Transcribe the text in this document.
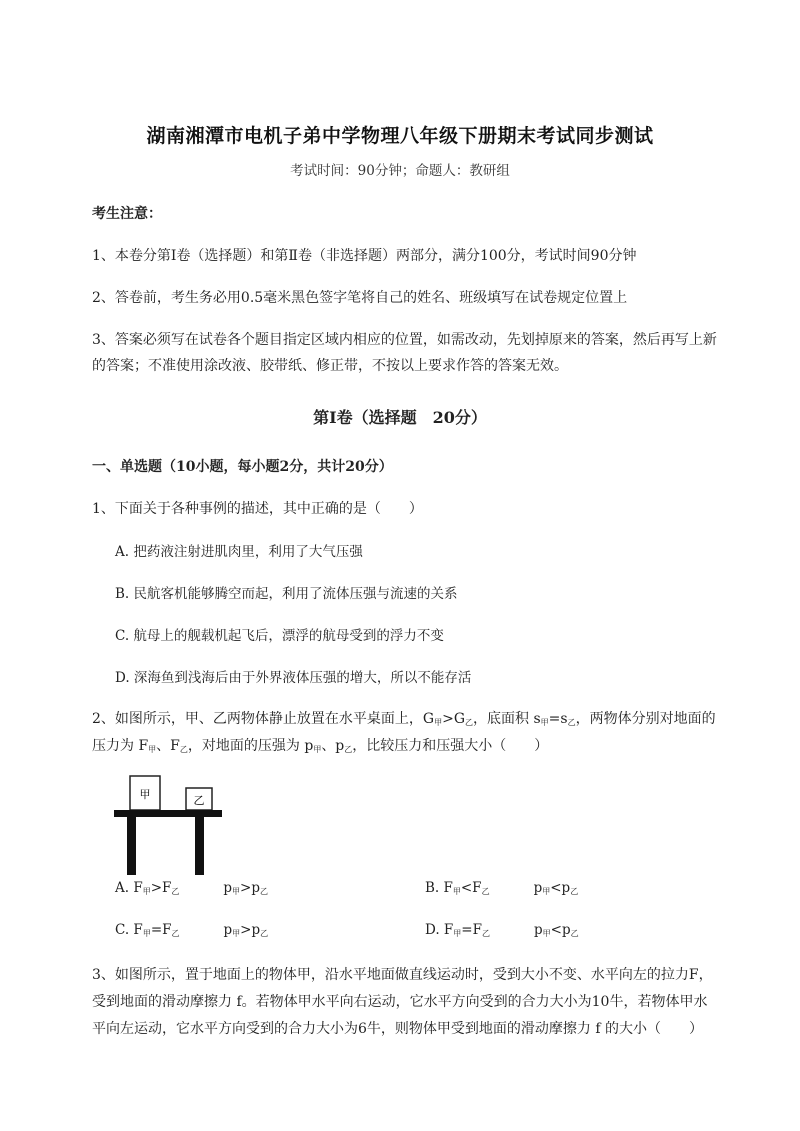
湖南湘潭市电机子弟中学物理八年级下册期末考试同步测试
考试时间：90分钟；命题人：教研组
考生注意：
1、本卷分第I卷（选择题）和第Ⅱ卷（非选择题）两部分，满分100分，考试时间90分钟
2、答卷前，考生务必用0.5毫米黑色签字笔将自己的姓名、班级填写在试卷规定位置上
3、答案必须写在试卷各个题目指定区域内相应的位置，如需改动，先划掉原来的答案，然后再写上新
的答案；不准使用涂改液、胶带纸、修正带，不按以上要求作答的答案无效。
第I卷（选择题　20分）
一、单选题（10小题，每小题2分，共计20分）
1、下面关于各种事例的描述，其中正确的是（　　）
A. 把药液注射进肌肉里，利用了大气压强
B. 民航客机能够腾空而起，利用了流体压强与流速的关系
C. 航母上的舰载机起飞后，漂浮的航母受到的浮力不变
D. 深海鱼到浅海后由于外界液体压强的增大，所以不能存活
2、如图所示，甲、乙两物体静止放置在水平桌面上，$G_甲>G_乙$，底面积 $s_甲=s_乙$，两物体分别对地面的
压力为 $F_甲$、$F_乙$，对地面的压强为 $p_甲$、$p_乙$，比较压力和压强大小（　　）
甲	乙
A. $F_甲>F_乙$	$p_甲>p_乙$	B. $F_甲<F_乙$	$p_甲<p_乙$
C. $F_甲=F_乙$	$p_甲>p_乙$	D. $F_甲=F_乙$	$p_甲<p_乙$
3、如图所示，置于地面上的物体甲，沿水平地面做直线运动时，受到大小不变、水平向左的拉力F，
受到地面的滑动摩擦力 f。若物体甲水平向右运动，它水平方向受到的合力大小为10牛，若物体甲水
平向左运动，它水平方向受到的合力大小为6牛，则物体甲受到地面的滑动摩擦力 f 的大小（　　）
